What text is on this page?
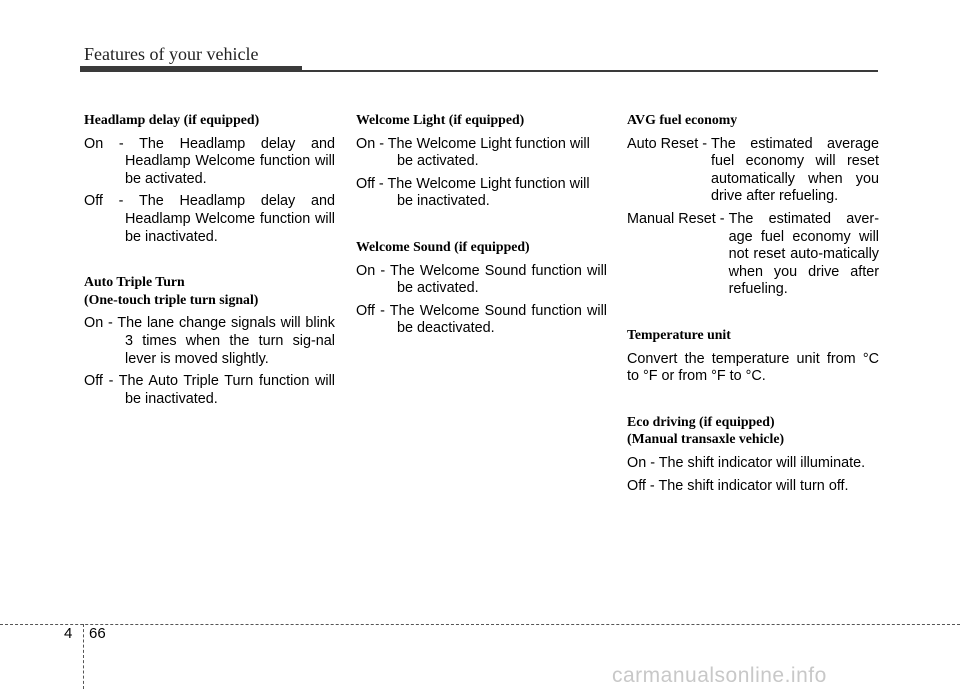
Features of your vehicle
Headlamp delay (if equipped)
On - The Headlamp delay and Headlamp Welcome function will be activated.
Off - The Headlamp delay and Headlamp Welcome function will be inactivated.
Auto Triple Turn
(One-touch triple turn signal)
On - The lane change signals will blink 3 times when the turn sig-nal lever is moved slightly.
Off - The Auto Triple Turn function will be inactivated.
Welcome Light (if equipped)
On - The Welcome Light function will be activated.
Off - The Welcome Light function will be inactivated.
Welcome Sound (if equipped)
On - The Welcome Sound function will be activated.
Off - The Welcome Sound function will be deactivated.
AVG fuel economy
Auto Reset - The estimated average fuel economy will reset automatically when you drive after refueling.
Manual Reset - The estimated aver-age fuel economy will not reset auto-matically when you drive after refueling.
Temperature unit
Convert the temperature unit from °C to °F or from °F to °C.
Eco driving (if equipped)
(Manual transaxle vehicle)
On - The shift indicator will illuminate.
Off - The shift indicator will turn off.
4 66
carmanualsonline.info
